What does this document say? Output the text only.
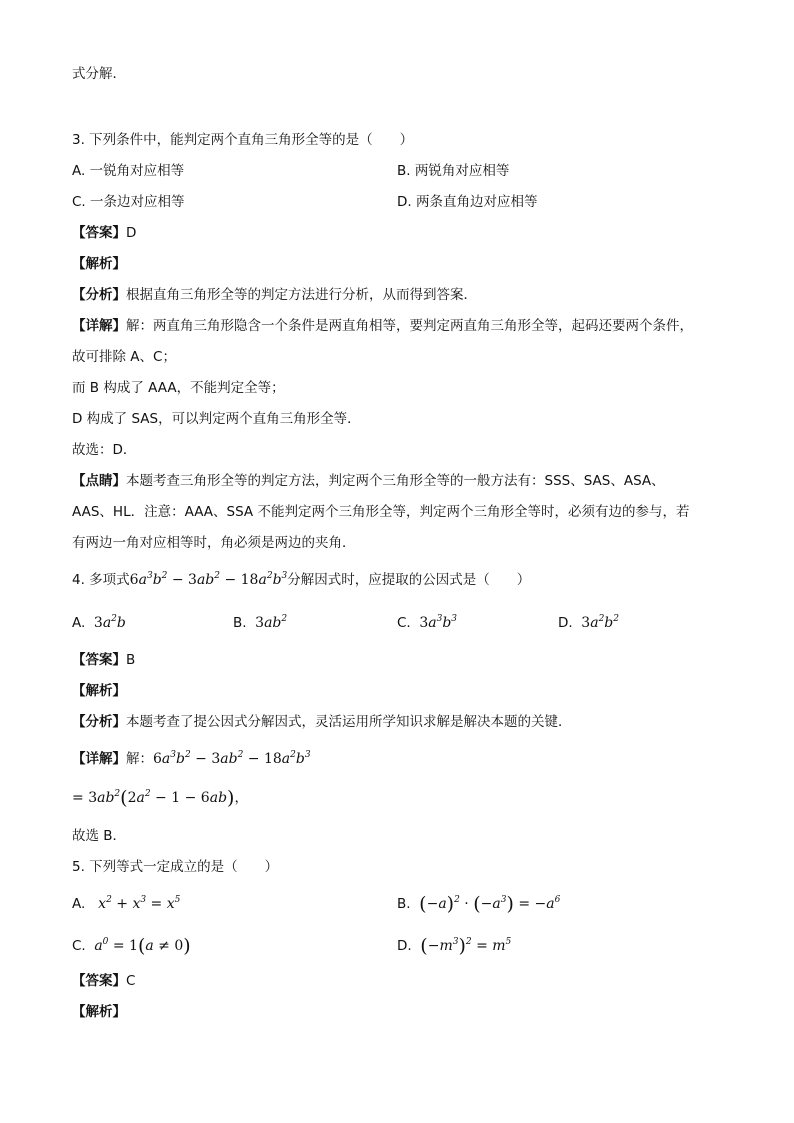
式分解．
3. 下列条件中，能判定两个直角三角形全等的是（　　）
A. 一锐角对应相等	B. 两锐角对应相等
C. 一条边对应相等	D. 两条直角边对应相等
【答案】D
【解析】
【分析】根据直角三角形全等的判定方法进行分析，从而得到答案．
【详解】解：两直角三角形隐含一个条件是两直角相等，要判定两直角三角形全等，起码还要两个条件，
故可排除 A、C；
而 B 构成了 AAA，不能判定全等；
D 构成了 SAS，可以判定两个直角三角形全等．
故选：D．
【点睛】本题考查三角形全等的判定方法，判定两个三角形全等的一般方法有：SSS、SAS、ASA、
AAS、HL．注意：AAA、SSA 不能判定两个三角形全等，判定两个三角形全等时，必须有边的参与，若
有两边一角对应相等时，角必须是两边的夹角．
4. 多项式$6a^3b^2 - 3ab^2 - 18a^2b^3$分解因式时，应提取的公因式是（　　）
A. $3a^2b$	B. $3ab^2$	C. $3a^3b^3$	D. $3a^2b^2$
【答案】B
【解析】
【分析】本题考查了提公因式分解因式，灵活运用所学知识求解是解决本题的关键．
【详解】解：$6a^3b^2 - 3ab^2 - 18a^2b^3$
= $3ab^2(2a^2 - 1 - 6ab)$，
故选 B．
5. 下列等式一定成立的是（　　）
A. $x^2 + x^3 = x^5$	B. $(-a)^2 \cdot (-a^3) = -a^6$
C. $a^0 = 1(a \ne 0)$	D. $(-m^3)^2 = m^5$
【答案】C
【解析】
